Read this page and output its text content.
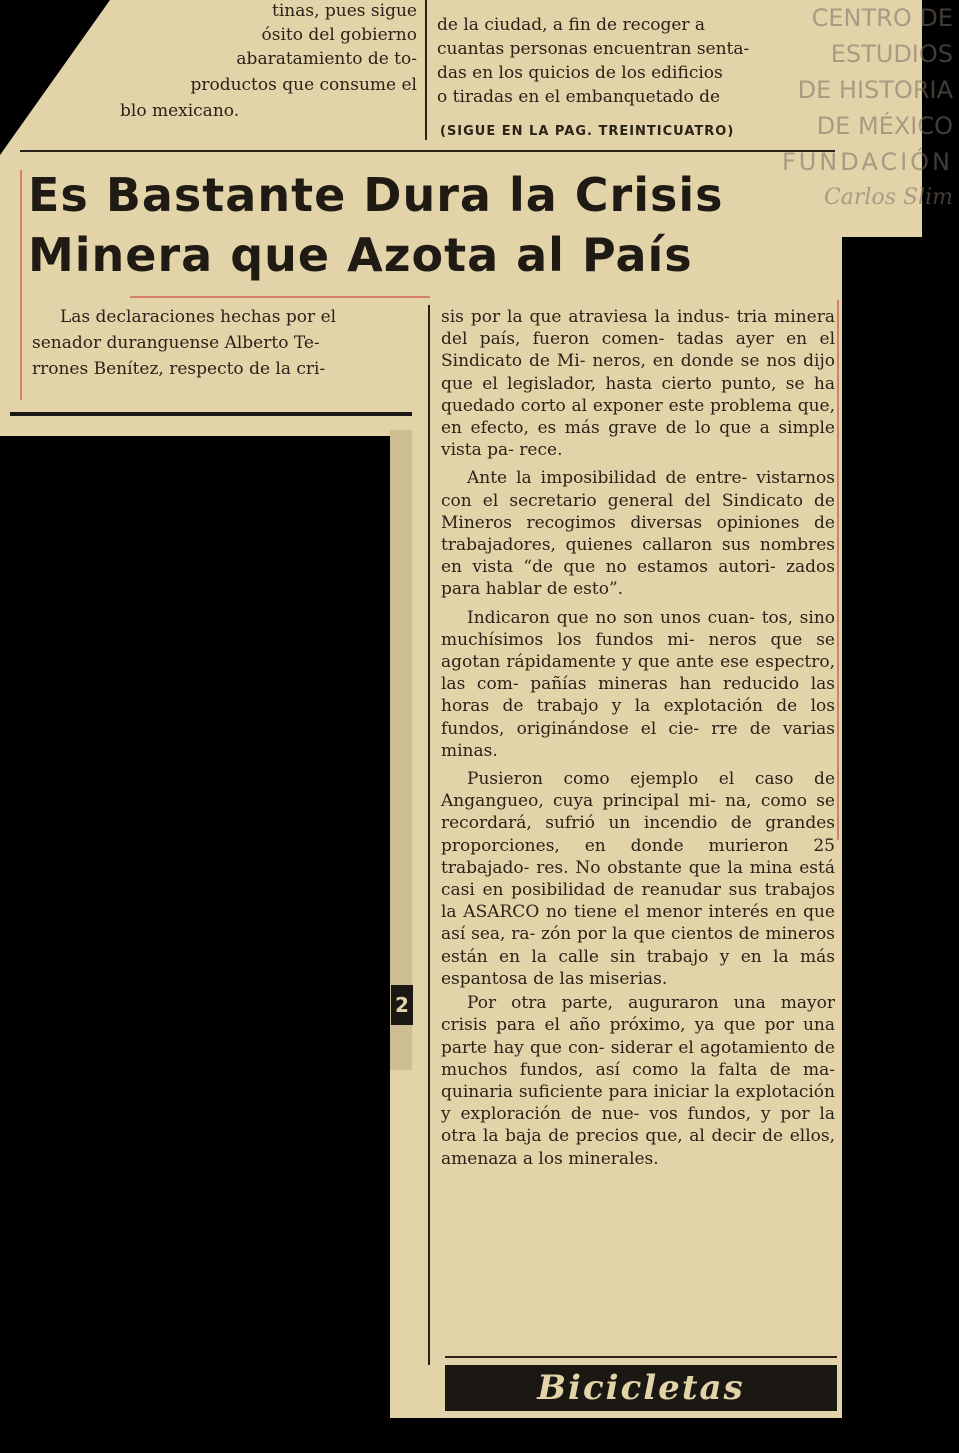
tinas, pues sigue
ósito del gobierno
abaratamiento de to-
productos que consume el
blo mexicano.
de la ciudad, a fin de recoger a
cuantas personas encuentran senta-
das en los quicios de los edificios
o tiradas en el embanquetado de
(SIGUE EN LA PAG. TREINTICUATRO)
Es Bastante Dura la Crisis
Minera que Azota al País
Las declaraciones hechas por el
senador duranguense Alberto Te-
rrones Benítez, respecto de la cri-
2

sis por la que atraviesa la indus- tria minera del país, fueron comen- tadas ayer en el Sindicato de Mi- neros, en donde se nos dijo que el legislador, hasta cierto punto, se ha quedado corto al exponer este problema que, en efecto, es más grave de lo que a simple vista pa- rece.

Ante la imposibilidad de entre- vistarnos con el secretario general del Sindicato de Mineros recogimos diversas opiniones de trabajadores, quienes callaron sus nombres en vista “de que no estamos autori- zados para hablar de esto”.

Indicaron que no son unos cuan- tos, sino muchísimos los fundos mi- neros que se agotan rápidamente y que ante ese espectro, las com- pañías mineras han reducido las horas de trabajo y la explotación de los fundos, originándose el cie- rre de varias minas.

Pusieron como ejemplo el caso de Angangueo, cuya principal mi- na, como se recordará, sufrió un incendio de grandes proporciones, en donde murieron 25 trabajado- res. No obstante que la mina está casi en posibilidad de reanudar sus trabajos la ASARCO no tiene el menor interés en que así sea, ra- zón por la que cientos de mineros están en la calle sin trabajo y en la más espantosa de las miserias.

Por otra parte, auguraron una mayor crisis para el año próximo, ya que por una parte hay que con- siderar el agotamiento de muchos fundos, así como la falta de ma- quinaria suficiente para iniciar la explotación y exploración de nue- vos fundos, y por la otra la baja de precios que, al decir de ellos, amenaza a los minerales.

Bicicletas
CENTRO DE
ESTUDIOS
DE HISTORIA
DE MÉXICO
FUNDACIÓN
Carlos Slim
